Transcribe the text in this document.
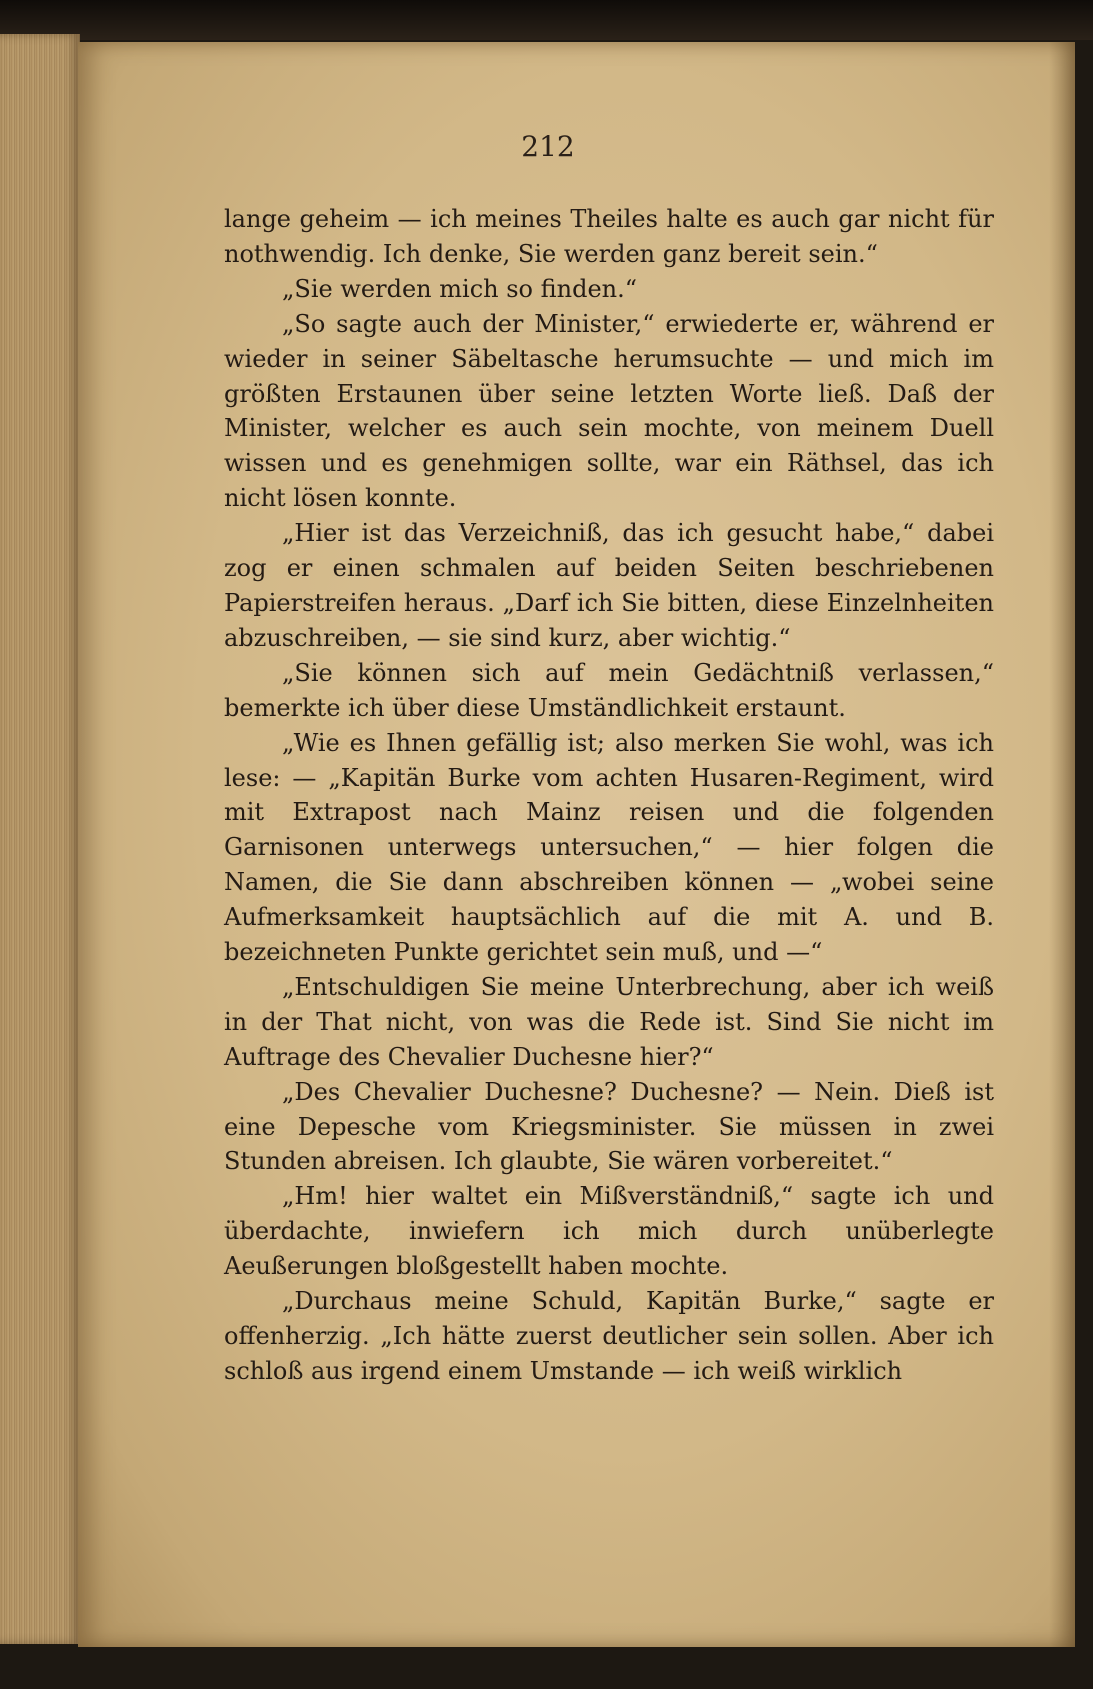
212

lange geheim — ich meines Theiles halte es auch gar nicht für nothwendig. Ich denke, Sie werden ganz bereit sein.“

„Sie werden mich so finden.“

„So sagte auch der Minister,“ erwiederte er, während er wieder in seiner Säbeltasche herumsuchte — und mich im größten Erstaunen über seine letzten Worte ließ. Daß der Minister, welcher es auch sein mochte, von meinem Duell wissen und es genehmigen sollte, war ein Räthsel, das ich nicht lösen konnte.

„Hier ist das Verzeichniß, das ich gesucht habe,“ dabei zog er einen schmalen auf beiden Seiten beschriebenen Papierstreifen heraus. „Darf ich Sie bitten, diese Einzelnheiten abzuschreiben, — sie sind kurz, aber wichtig.“

„Sie können sich auf mein Gedächtniß verlassen,“ bemerkte ich über diese Umständlichkeit erstaunt.

„Wie es Ihnen gefällig ist; also merken Sie wohl, was ich lese: — „Kapitän Burke vom achten Husaren-Regiment, wird mit Extrapost nach Mainz reisen und die folgenden Garnisonen unterwegs untersuchen,“ — hier folgen die Namen, die Sie dann abschreiben können — „wobei seine Aufmerksamkeit hauptsächlich auf die mit A. und B. bezeichneten Punkte gerichtet sein muß, und —“

„Entschuldigen Sie meine Unterbrechung, aber ich weiß in der That nicht, von was die Rede ist. Sind Sie nicht im Auftrage des Chevalier Duchesne hier?“

„Des Chevalier Duchesne? Duchesne? — Nein. Dieß ist eine Depesche vom Kriegsminister. Sie müssen in zwei Stunden abreisen. Ich glaubte, Sie wären vorbereitet.“

„Hm! hier waltet ein Mißverständniß,“ sagte ich und überdachte, inwiefern ich mich durch unüberlegte Aeußerungen bloßgestellt haben mochte.

„Durchaus meine Schuld, Kapitän Burke,“ sagte er offenherzig. „Ich hätte zuerst deutlicher sein sollen. Aber ich schloß aus irgend einem Umstande — ich weiß wirklich
